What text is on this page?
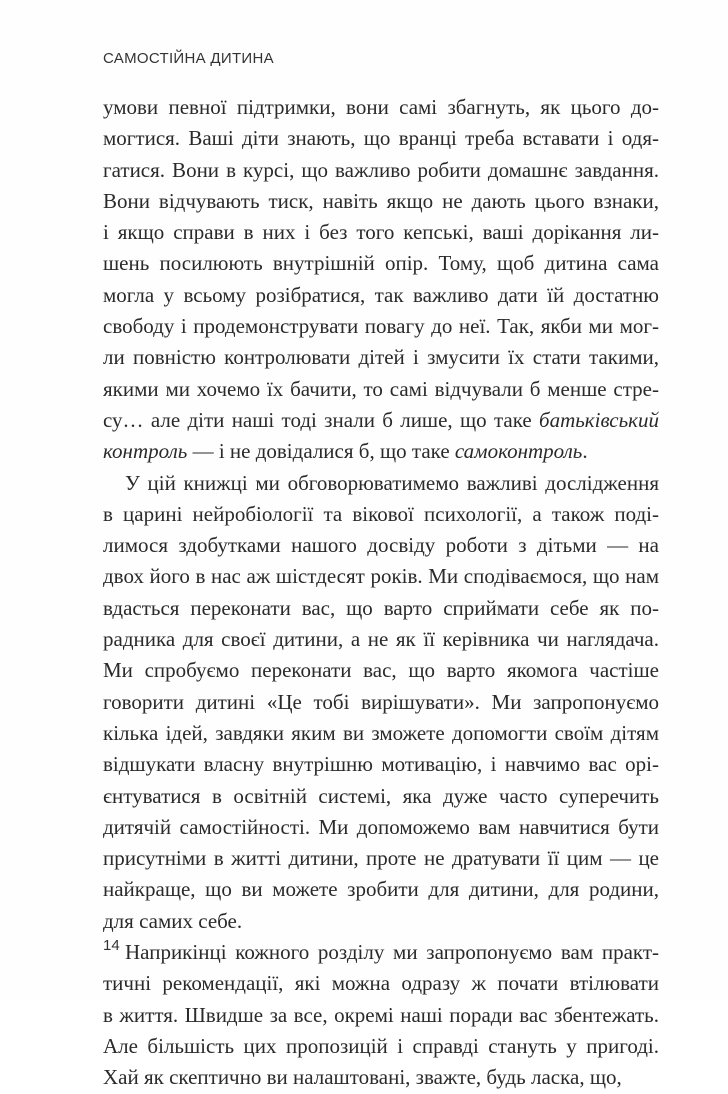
САМОСТІЙНА ДИТИНА
умови певної підтримки, вони самі збагнуть, як цього до-
могтися. Ваші діти знають, що вранці треба вставати і одя-
гатися. Вони в курсі, що важливо робити домашнє завдання.
Вони відчувають тиск, навіть якщо не дають цього взнаки,
і якщо справи в них і без того кепські, ваші дорікання ли-
шень посилюють внутрішній опір. Тому, щоб дитина сама
могла у всьому розібратися, так важливо дати їй достатню
свободу і продемонструвати повагу до неї. Так, якби ми мог-
ли повністю контролювати дітей і змусити їх стати такими,
якими ми хочемо їх бачити, то самі відчували б менше стре-
су… але діти наші тоді знали б лише, що таке батьківський
контроль — і не довідалися б, що таке самоконтроль.
У цій книжці ми обговорюватимемо важливі дослідження
в царині нейробіології та вікової психології, а також поді-
лимося здобутками нашого досвіду роботи з дітьми — на
двох його в нас аж шістдесят років. Ми сподіваємося, що нам
вдасться переконати вас, що варто сприймати себе як по-
радника для своєї дитини, а не як її керівника чи наглядача.
Ми спробуємо переконати вас, що варто якомога частіше
говорити дитині «Це тобі вирішувати». Ми запропонуємо
кілька ідей, завдяки яким ви зможете допомогти своїм дітям
відшукати власну внутрішню мотивацію, і навчимо вас орі-
єнтуватися в освітній системі, яка дуже часто суперечить
дитячій самостійності. Ми допоможемо вам навчитися бути
присутніми в житті дитини, проте не дратувати її цим — це
найкраще, що ви можете зробити для дитини, для родини,
для самих себе.
Наприкінці кожного розділу ми запропонуємо вам практ-
тичні рекомендації, які можна одразу ж почати втілювати
в життя. Швидше за все, окремі наші поради вас збентежать.
Але більшість цих пропозицій і справді стануть у пригоді.
Хай як скептично ви налаштовані, зважте, будь ласка, що,
14
